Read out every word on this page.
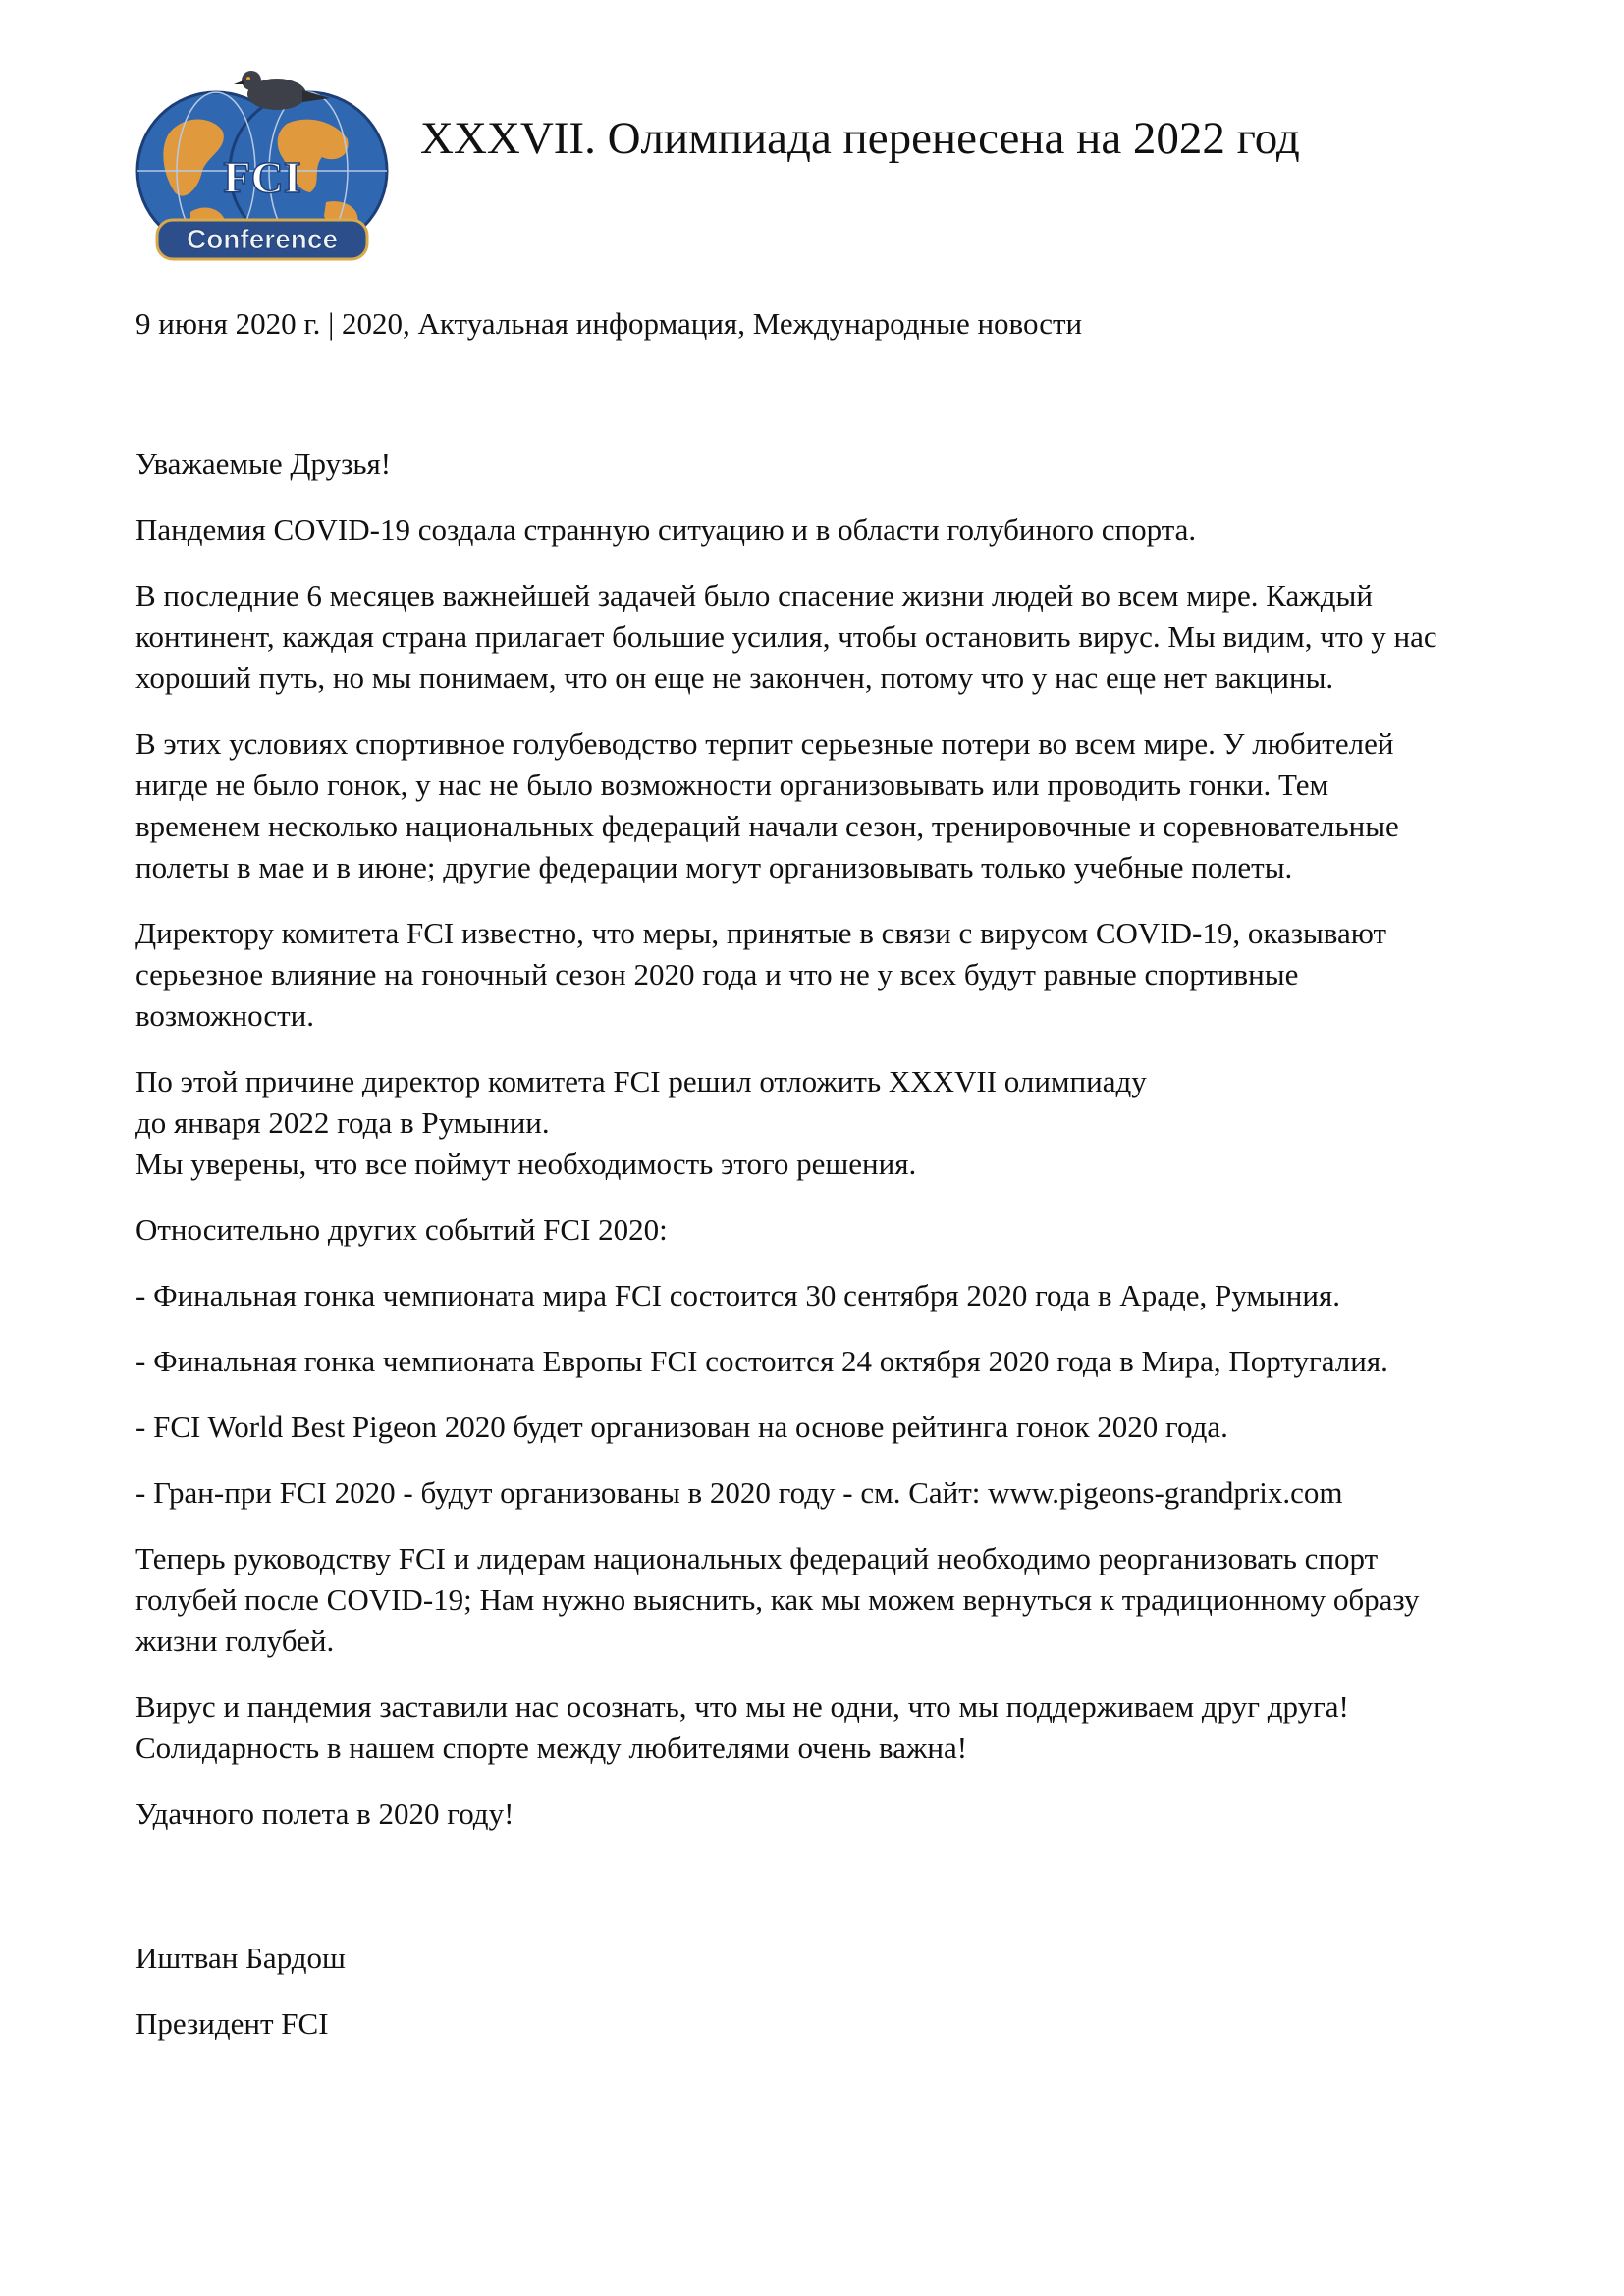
FCI
Conference
XXXVII. Олимпиада перенесена на 2022 год
9 июня 2020 г. | 2020, Актуальная информация, Международные новости

Уважаемые Друзья!

Пандемия COVID-19 создала странную ситуацию и в области голубиного спорта.

В последние 6 месяцев важнейшей задачей было спасение жизни людей во всем мире. Каждый
континент, каждая страна прилагает большие усилия, чтобы остановить вирус. Мы видим, что у нас
хороший путь, но мы понимаем, что он еще не закончен, потому что у нас еще нет вакцины.

В этих условиях спортивное голубеводство терпит серьезные потери во всем мире. У любителей
нигде не было гонок, у нас не было возможности организовывать или проводить гонки. Тем
временем несколько национальных федераций начали сезон, тренировочные и соревновательные
полеты в мае и в июне; другие федерации могут организовывать только учебные полеты.

Директору комитета FCI известно, что меры, принятые в связи с вирусом COVID-19, оказывают
серьезное влияние на гоночный сезон 2020 года и что не у всех будут равные спортивные
возможности.

По этой причине директор комитета FCI решил отложить XXXVII олимпиаду
до января 2022 года в Румынии.
Мы уверены, что все поймут необходимость этого решения.

Относительно других событий FCI 2020:

- Финальная гонка чемпионата мира FCI состоится 30 сентября 2020 года в Араде, Румыния.

- Финальная гонка чемпионата Европы FCI состоится 24 октября 2020 года в Мира, Португалия.

- FCI World Best Pigeon 2020 будет организован на основе рейтинга гонок 2020 года.

- Гран-при FCI 2020 - будут организованы в 2020 году - см. Сайт: www.pigeons-grandprix.com

Теперь руководству FCI и лидерам национальных федераций необходимо реорганизовать спорт
голубей после COVID-19; Нам нужно выяснить, как мы можем вернуться к традиционному образу
жизни голубей.

Вирус и пандемия заставили нас осознать, что мы не одни, что мы поддерживаем друг друга!
Солидарность в нашем спорте между любителями очень важна!

Удачного полета в 2020 году!

Иштван Бардош

Президент FCI
